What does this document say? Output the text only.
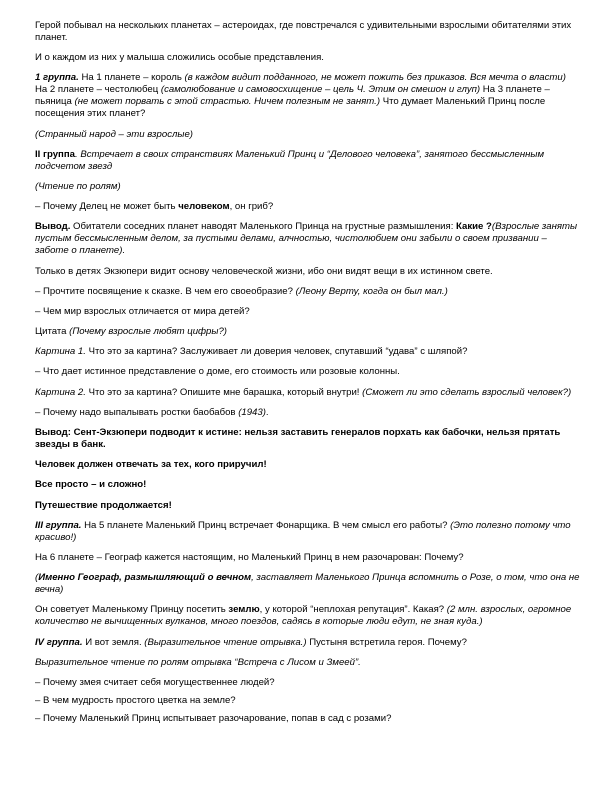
Герой побывал на нескольких планетах – астероидах, где повстречался с удивительными взрослыми обитателями этих планет.

И о каждом из них у малыша сложились особые представления.

1 группа. На 1 планете – король (в каждом видит подданного, не может пожить без приказов. Вся мечта о власти) На 2 планете – честолюбец (самолюбование и самовосхищение – цель Ч. Этим он смешон и глуп) На 3 планете – пьяница (не может порвать с этой страстью. Ничем полезным не занят.) Что думает Маленький Принц после посещения этих планет?

(Странный народ – эти взрослые)

II группа. Встречает в своих странствиях Маленький Принц и “Делового человека”, занятого бессмысленным подсчетом звезд

(Чтение по ролям)

– Почему Делец не может быть человеком, он гриб?

Вывод. Обитатели соседних планет наводят Маленького Принца на грустные размышления: Какие ?(Взрослые заняты пустым бессмысленным делом, за пустыми делами, алчностью, чистолюбием они забыли о своем призвании – заботе о планете).

Только в детях Экзюпери видит основу человеческой жизни, ибо они видят вещи в их истинном свете.

– Прочтите посвящение к сказке. В чем его своеобразие? (Леону Верту, когда он был мал.)

– Чем мир взрослых отличается от мира детей?

Цитата (Почему взрослые любят цифры?)

Картина 1. Что это за картина? Заслуживает ли доверия человек, спутавший “удава” с шляпой?

– Что дает истинное представление о доме, его стоимость или розовые колонны.

Картина 2. Что это за картина? Опишите мне барашка, который внутри! (Сможет ли это сделать взрослый человек?)

– Почему надо выпалывать ростки баобабов (1943).

Вывод: Сент-Экзюпери подводит к истине: нельзя заставить генералов порхать как бабочки, нельзя прятать звезды в банк.

Человек должен отвечать за тех, кого приручил!

Все просто – и сложно!

Путешествие продолжается!

III группа. На 5 планете Маленький Принц встречает Фонарщика. В чем смысл его работы? (Это полезно потому что красиво!)

На 6 планете – Географ кажется настоящим, но Маленький Принц в нем разочарован: Почему?

(Именно Географ, размышляющий о вечном, заставляет Маленького Принца вспомнить о Розе, о том, что она не вечна)

Он советует Маленькому Принцу посетить землю, у которой “неплохая репутация”. Какая? (2 млн. взрослых, огромное количество не вычищенных вулканов, много поездов, садясь в которые люди едут, не зная куда.)

IV группа. И вот земля. (Выразительное чтение отрывка.) Пустыня встретила героя. Почему?

Выразительное чтение по ролям отрывка “Встреча с Лисом и Змеей”.

– Почему змея считает себя могущественнее людей?

– В чем мудрость простого цветка на земле?

– Почему Маленький Принц испытывает разочарование, попав в сад с розами?
